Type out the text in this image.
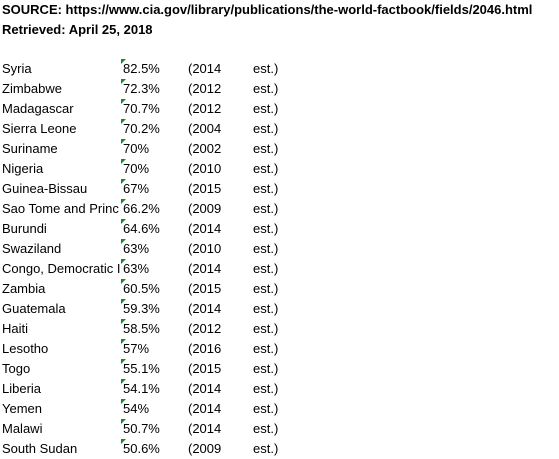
SOURCE: https://www.cia.gov/library/publications/the-world-factbook/fields/2046.html
Retrieved: April 25, 2018
Syria	82.5%	(2014	est.)
Zimbabwe	72.3%	(2012	est.)
Madagascar	70.7%	(2012	est.)
Sierra Leone	70.2%	(2004	est.)
Suriname	70%	(2002	est.)
Nigeria	70%	(2010	est.)
Guinea-Bissau	67%	(2015	est.)
Sao Tome and Princ 66.2%	(2009	est.)
Burundi	64.6%	(2014	est.)
Swaziland	63%	(2010	est.)
Congo, Democratic I 63%	(2014	est.)
Zambia	60.5%	(2015	est.)
Guatemala	59.3%	(2014	est.)
Haiti	58.5%	(2012	est.)
Lesotho	57%	(2016	est.)
Togo	55.1%	(2015	est.)
Liberia	54.1%	(2014	est.)
Yemen	54%	(2014	est.)
Malawi	50.7%	(2014	est.)
South Sudan	50.6%	(2009	est.)
